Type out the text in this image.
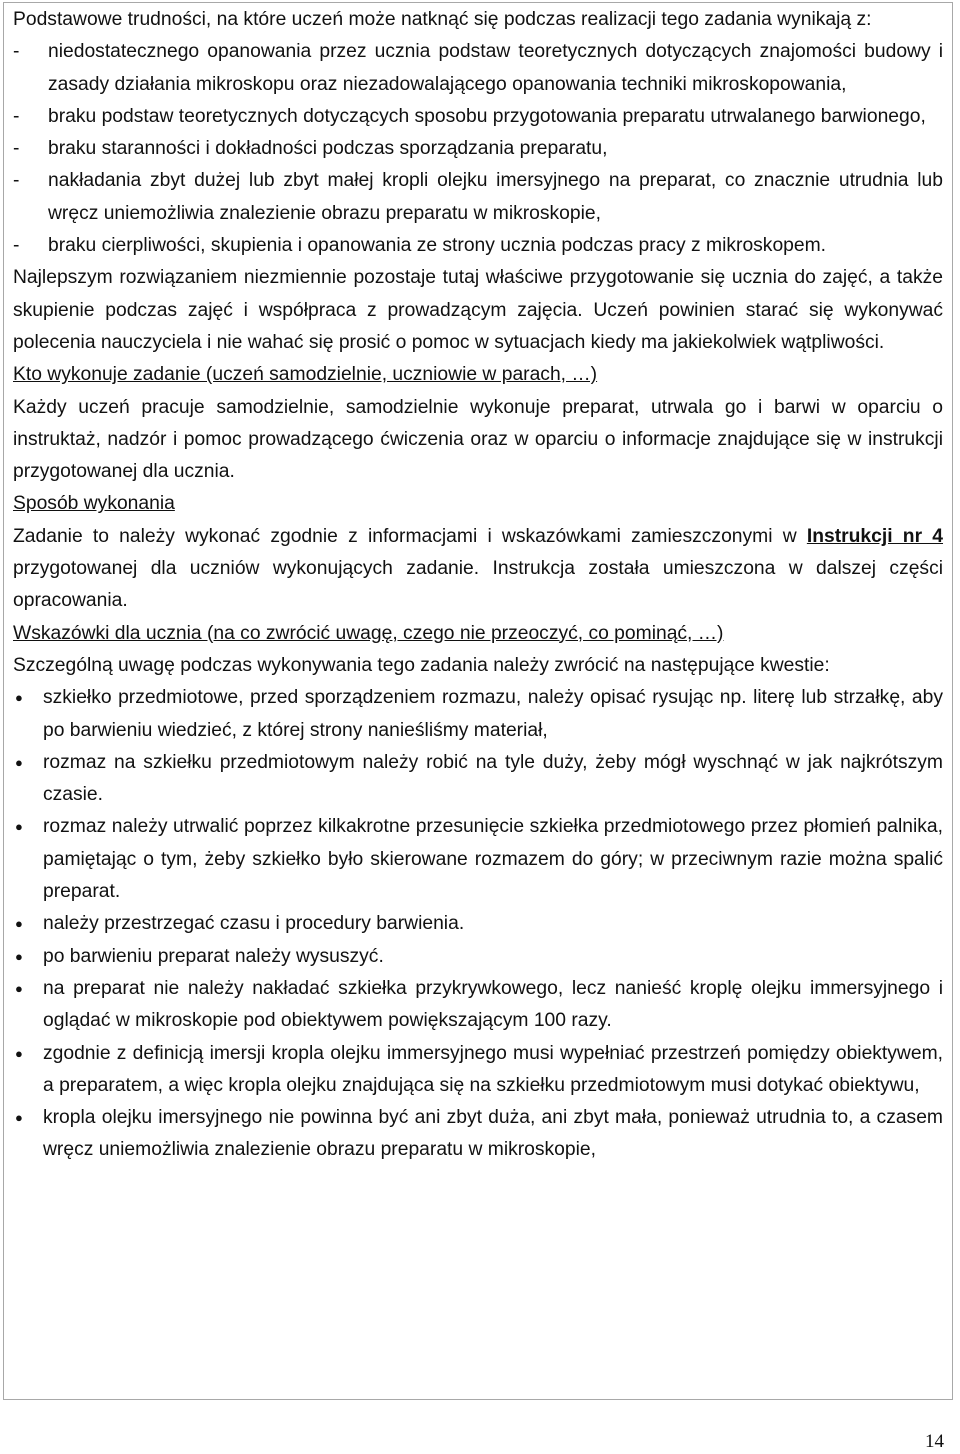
Podstawowe trudności, na które uczeń może natknąć się podczas realizacji tego zadania wynikają z:

-	niedostatecznego opanowania przez ucznia podstaw teoretycznych dotyczących znajomości budowy i zasady działania mikroskopu oraz niezadowalającego opanowania techniki mikroskopowania,
-	braku podstaw teoretycznych dotyczących sposobu przygotowania preparatu utrwalanego barwionego,
-	braku staranności i dokładności podczas sporządzania preparatu,
-	nakładania zbyt dużej lub zbyt małej kropli olejku imersyjnego na preparat, co znacznie utrudnia lub wręcz uniemożliwia znalezienie obrazu preparatu w mikroskopie,
-	braku cierpliwości, skupienia i opanowania ze strony ucznia podczas pracy z mikroskopem.

Najlepszym rozwiązaniem niezmiennie pozostaje tutaj właściwe przygotowanie się ucznia do zajęć, a także skupienie podczas zajęć i współpraca z prowadzącym zajęcia. Uczeń powinien starać się wykonywać polecenia nauczyciela i nie wahać się prosić o pomoc w sytuacjach kiedy ma jakiekolwiek wątpliwości.

Kto wykonuje zadanie (uczeń samodzielnie, uczniowie w parach, …)

Każdy uczeń pracuje samodzielnie, samodzielnie wykonuje preparat, utrwala go i barwi w oparciu o instruktaż, nadzór i pomoc prowadzącego ćwiczenia oraz w oparciu o informacje znajdujące się w instrukcji przygotowanej dla ucznia.

Sposób wykonania

Zadanie to należy wykonać zgodnie z informacjami i wskazówkami zamieszczonymi w Instrukcji nr 4 przygotowanej dla uczniów wykonujących zadanie. Instrukcja została umieszczona w dalszej części opracowania.

Wskazówki dla ucznia (na co zwrócić uwagę, czego nie przeoczyć, co pominąć, …)

Szczególną uwagę podczas wykonywania tego zadania należy zwrócić na następujące kwestie:

●	szkiełko przedmiotowe, przed sporządzeniem rozmazu, należy opisać rysując np. literę lub strzałkę, aby po barwieniu wiedzieć, z której strony nanieśliśmy materiał,
●	rozmaz na szkiełku przedmiotowym należy robić na tyle duży, żeby mógł wyschnąć w jak najkrótszym czasie.
●	rozmaz należy utrwalić poprzez kilkakrotne przesunięcie szkiełka przedmiotowego przez płomień palnika, pamiętając o tym, żeby szkiełko było skierowane rozmazem do góry; w przeciwnym razie można spalić preparat.
●	należy przestrzegać czasu i procedury barwienia.
●	po barwieniu preparat należy wysuszyć.
●	na preparat nie należy nakładać szkiełka przykrywkowego, lecz nanieść kroplę olejku immersyjnego i oglądać w mikroskopie pod obiektywem powiększającym 100 razy.
●	zgodnie z definicją imersji kropla olejku immersyjnego musi wypełniać przestrzeń pomiędzy obiektywem, a preparatem, a więc kropla olejku znajdująca się na szkiełku przedmiotowym musi dotykać obiektywu,
●	kropla olejku imersyjnego nie powinna być ani zbyt duża, ani zbyt mała, ponieważ utrudnia to, a czasem wręcz uniemożliwia znalezienie obrazu preparatu w mikroskopie,
14
